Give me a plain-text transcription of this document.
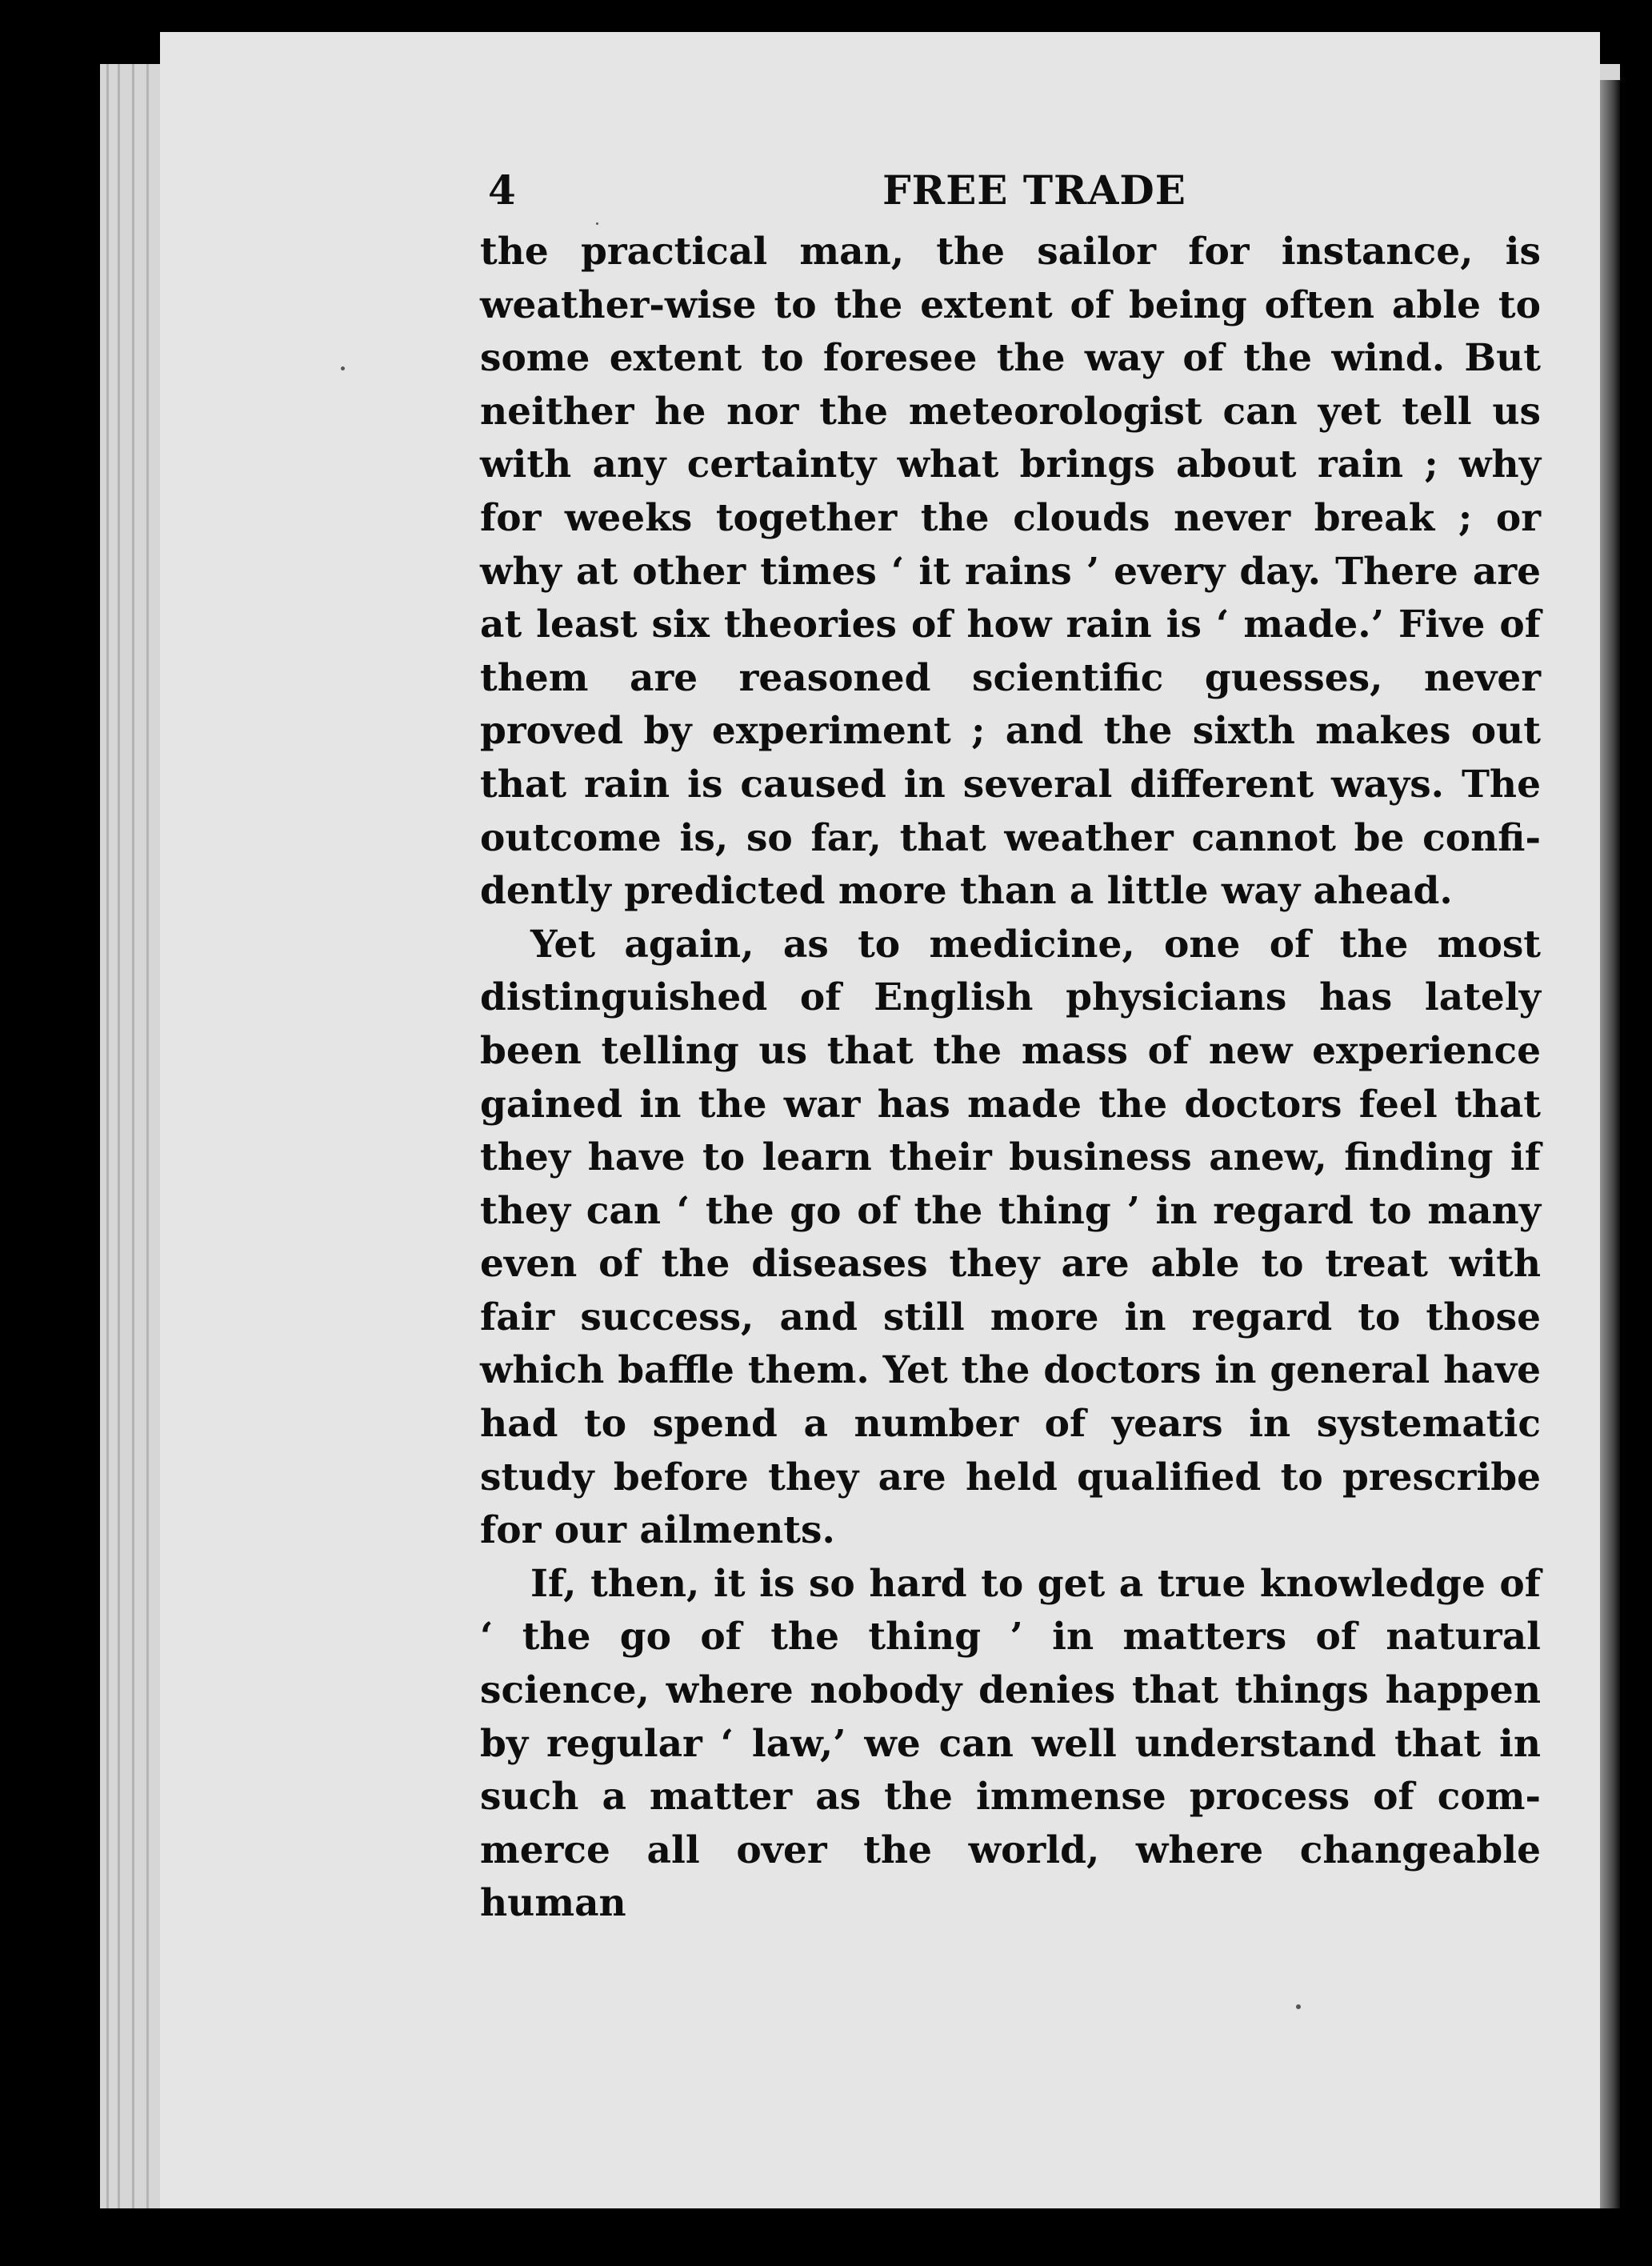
4	FREE TRADE

the practical man, the sailor for instance, is weather-wise to the extent of being often able to some extent to foresee the way of the wind. But neither he nor the meteorologist can yet tell us with any certainty what brings about rain ; why for weeks together the clouds never break ; or why at other times ‘ it rains ’ every day. There are at least six theories of how rain is ‘ made.’ Five of them are reasoned scientific guesses, never proved by experiment ; and the sixth makes out that rain is caused in several different ways. The outcome is, so far, that weather cannot be confidently predicted more than a little way ahead.

Yet again, as to medicine, one of the most distinguished of English physicians has lately been telling us that the mass of new experience gained in the war has made the doctors feel that they have to learn their business anew, finding if they can ‘ the go of the thing ’ in regard to many even of the diseases they are able to treat with fair success, and still more in regard to those which baffle them. Yet the doctors in general have had to spend a number of years in systematic study before they are held qualified to prescribe for our ailments.

If, then, it is so hard to get a true knowledge of ‘ the go of the thing ’ in matters of natural science, where nobody denies that things happen by regular ‘ law,’ we can well understand that in such a matter as the immense process of commerce all over the world, where changeable human
